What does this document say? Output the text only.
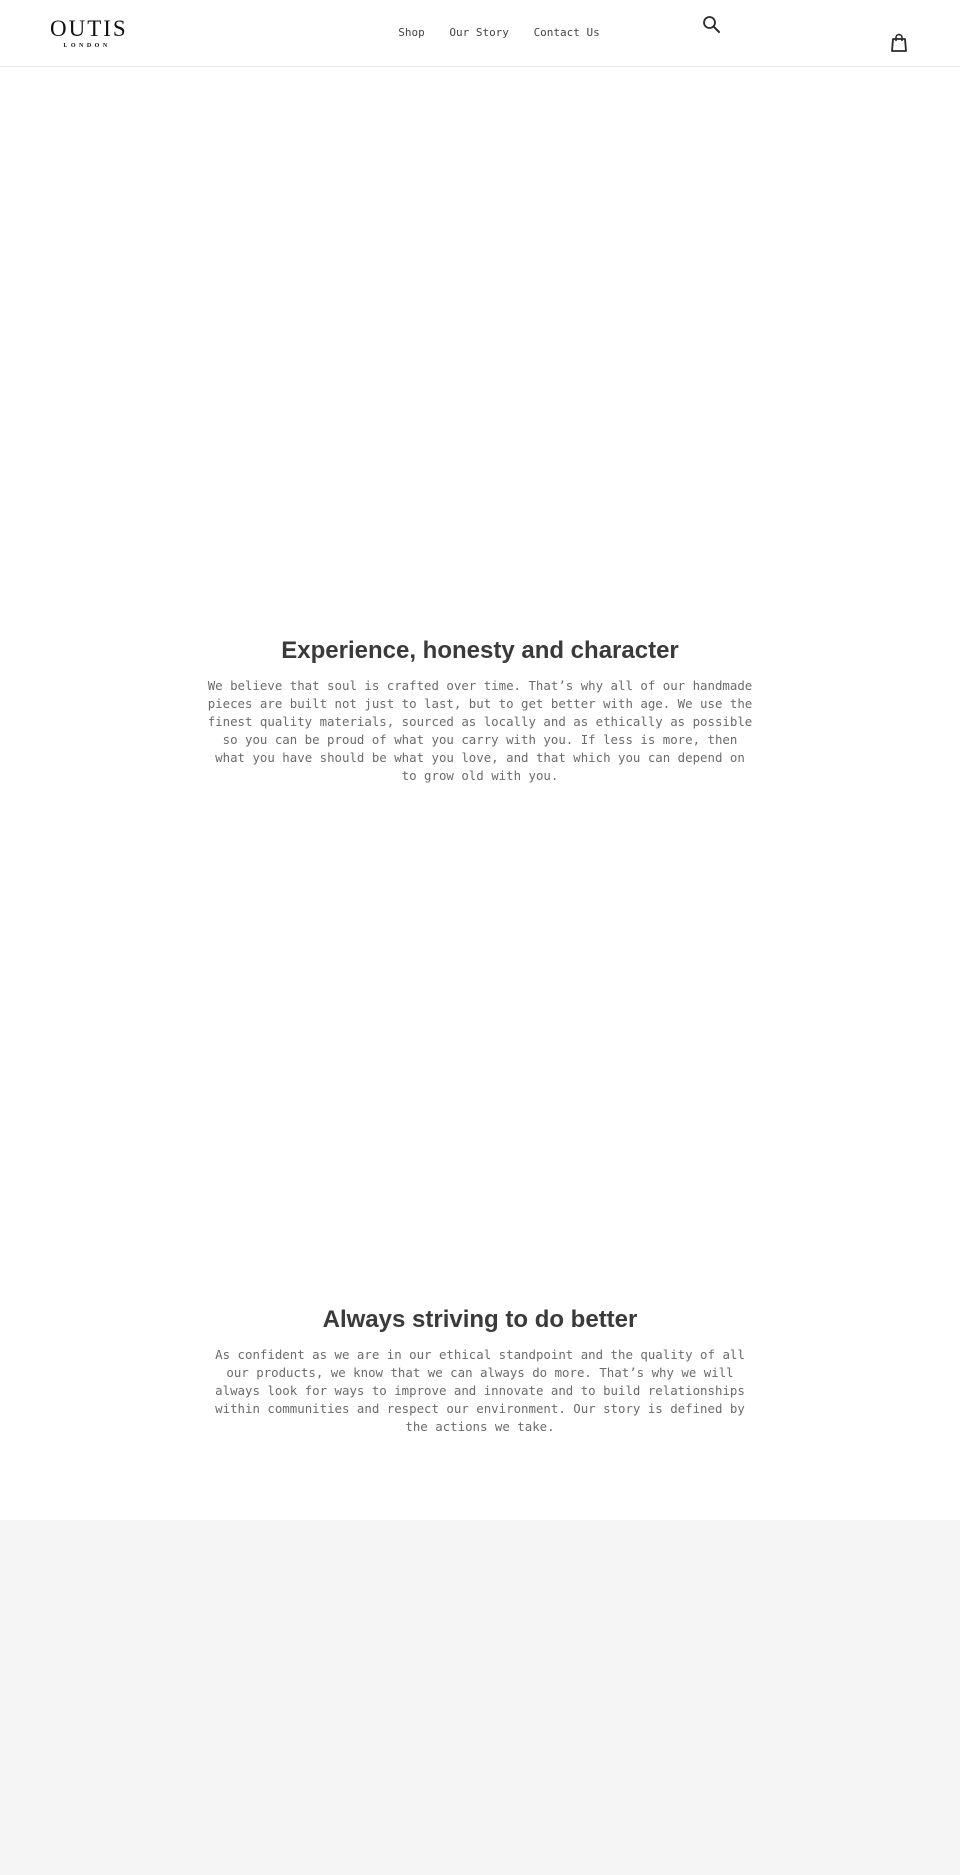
OUTIS
LONDON
Shop Our Story Contact Us
Experience, honesty and character

We believe that soul is crafted over time. That’s why all of our handmade pieces are built not just to last, but to get better with age. We use the finest quality materials, sourced as locally and as ethically as possible so you can be proud of what you carry with you. If less is more, then what you have should be what you love, and that which you can depend on to grow old with you.

Always striving to do better

As confident as we are in our ethical standpoint and the quality of all our products, we know that we can always do more. That’s why we will always look for ways to improve and innovate and to build relationships within communities and respect our environment. Our story is defined by the actions we take.
